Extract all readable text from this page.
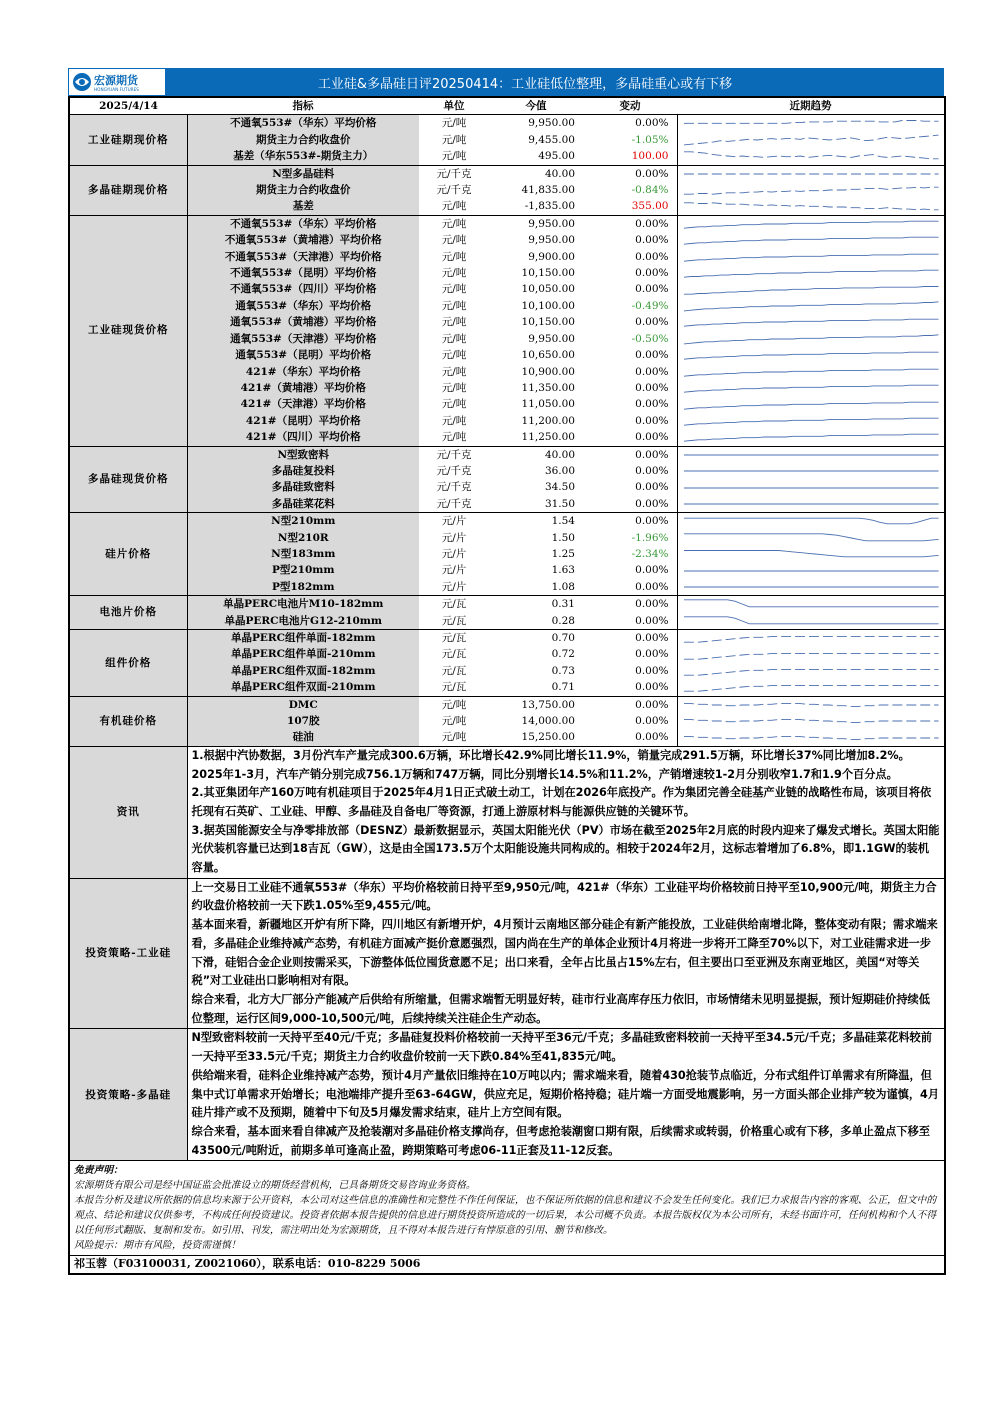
宏源期货
HONGYUAN FUTURES	工业硅&多晶硅日评20250414：工业硅低位整理，多晶硅重心或有下移
2025/4/14	指标	单位	今值	变动	近期趋势
工业硅期现价格	不通氧553#（华东）平均价格	元/吨	9,950.00	0.00%	

	期货主力合约收盘价	元/吨	9,455.00	-1.05%	

	基差（华东553#-期货主力）	元/吨	495.00	100.00	

多晶硅期现价格	N型多晶硅料	元/千克	40.00	0.00%	

	期货主力合约收盘价	元/千克	41,835.00	-0.84%	

	基差	元/吨	-1,835.00	355.00	

工业硅现货价格	不通氧553#（华东）平均价格	元/吨	9,950.00	0.00%	

	不通氧553#（黄埔港）平均价格	元/吨	9,950.00	0.00%	

	不通氧553#（天津港）平均价格	元/吨	9,900.00	0.00%	

	不通氧553#（昆明）平均价格	元/吨	10,150.00	0.00%	

	不通氧553#（四川）平均价格	元/吨	10,050.00	0.00%	

	通氧553#（华东）平均价格	元/吨	10,100.00	-0.49%	

	通氧553#（黄埔港）平均价格	元/吨	10,150.00	0.00%	

	通氧553#（天津港）平均价格	元/吨	9,950.00	-0.50%	

	通氧553#（昆明）平均价格	元/吨	10,650.00	0.00%	

	421#（华东）平均价格	元/吨	10,900.00	0.00%	

	421#（黄埔港）平均价格	元/吨	11,350.00	0.00%	

	421#（天津港）平均价格	元/吨	11,050.00	0.00%	

	421#（昆明）平均价格	元/吨	11,200.00	0.00%	

	421#（四川）平均价格	元/吨	11,250.00	0.00%	

多晶硅现货价格	N型致密料	元/千克	40.00	0.00%	

	多晶硅复投料	元/千克	36.00	0.00%	

	多晶硅致密料	元/千克	34.50	0.00%	

	多晶硅菜花料	元/千克	31.50	0.00%	

硅片价格	N型210mm	元/片	1.54	0.00%	

	N型210R	元/片	1.50	-1.96%	

	N型183mm	元/片	1.25	-2.34%	

	P型210mm	元/片	1.63	0.00%	

	P型182mm	元/片	1.08	0.00%	

电池片价格	单晶PERC电池片M10-182mm	元/瓦	0.31	0.00%	

	单晶PERC电池片G12-210mm	元/瓦	0.28	0.00%	

组件价格	单晶PERC组件单面-182mm	元/瓦	0.70	0.00%	

	单晶PERC组件单面-210mm	元/瓦	0.72	0.00%	

	单晶PERC组件双面-182mm	元/瓦	0.73	0.00%	

	单晶PERC组件双面-210mm	元/瓦	0.71	0.00%	

有机硅价格	DMC	元/吨	13,750.00	0.00%	

	107胶	元/吨	14,000.00	0.00%	

	硅油	元/吨	15,250.00	0.00%	

资讯	1.根据中汽协数据，3月份汽车产量完成300.6万辆，环比增长42.9%同比增长11.9%，销量完成291.5万辆，环比增长37%同比增加8.2%。2025年1-3月，汽车产销分别完成756.1万辆和747万辆，同比分别增长14.5%和11.2%，产销增速较1-2月分别收窄1.7和1.9个百分点。

2.其亚集团年产160万吨有机硅项目于2025年4月1日正式破土动工，计划在2026年底投产。作为集团完善全硅基产业链的战略性布局，该项目将依托现有石英矿、工业硅、甲醇、多晶硅及自备电厂等资源，打通上游原材料与能源供应链的关键环节。

3.据英国能源安全与净零排放部（DESNZ）最新数据显示，英国太阳能光伏（PV）市场在截至2025年2月底的时段内迎来了爆发式增长。英国太阳能光伏装机容量已达到18吉瓦（GW），这是由全国173.5万个太阳能设施共同构成的。相较于2024年2月，这标志着增加了6.8%，即1.1GW的装机容量。				

投资策略-工业硅	上一交易日工业硅不通氧553#（华东）平均价格较前日持平至9,950元/吨，421#（华东）工业硅平均价格较前日持平至10,900元/吨，期货主力合约收盘价格较前一天下跌1.05%至9,455元/吨。

基本面来看，新疆地区开炉有所下降，四川地区有新增开炉，4月预计云南地区部分硅企有新产能投放，工业硅供给南增北降，整体变动有限；需求端来看，多晶硅企业维持减产态势，有机硅方面减产挺价意愿强烈，国内尚在生产的单体企业预计4月将进一步将开工降至70%以下，对工业硅需求进一步下滑，硅铝合金企业则按需采买，下游整体低位囤货意愿不足；出口来看，全年占比虽占15%左右，但主要出口至亚洲及东南亚地区，美国“对等关税”对工业硅出口影响相对有限。

综合来看，北方大厂部分产能减产后供给有所缩量，但需求端暂无明显好转，硅市行业高库存压力依旧，市场情绪未见明显提振，预计短期硅价持续低位整理，运行区间9,000-10,500元/吨，后续持续关注硅企生产动态。				

投资策略-多晶硅	N型致密料较前一天持平至40元/千克；多晶硅复投料价格较前一天持平至36元/千克；多晶硅致密料较前一天持平至34.5元/千克；多晶硅菜花料较前一天持平至33.5元/千克；期货主力合约收盘价较前一天下跌0.84%至41,835元/吨。

供给端来看，硅料企业维持减产态势，预计4月产量依旧维持在10万吨以内；需求端来看，随着430抢装节点临近，分布式组件订单需求有所降温，但集中式订单需求开始增长；电池端排产提升至63-64GW，供应充足，短期价格持稳；硅片端一方面受地震影响，另一方面头部企业排产较为谨慎，4月硅片排产或不及预期，随着中下旬及5月爆发需求结束，硅片上方空间有限。

综合来看，基本面来看自律减产及抢装潮对多晶硅价格支撑尚存，但考虑抢装潮窗口期有限，后续需求或转弱，价格重心或有下移，多单止盈点下移至43500元/吨附近，前期多单可逢高止盈，跨期策略可考虑06-11正套及11-12反套。				

免责声明：

宏源期货有限公司是经中国证监会批准设立的期货经营机构，已具备期货交易咨询业务资格。

本报告分析及建议所依据的信息均来源于公开资料，本公司对这些信息的准确性和完整性不作任何保证，也不保证所依据的信息和建议不会发生任何变化。我们已力求报告内容的客观、公正，但文中的观点、结论和建议仅供参考，不构成任何投资建议。投资者依据本报告提供的信息进行期货投资所造成的一切后果，本公司概不负责。本报告版权仅为本公司所有，未经书面许可，任何机构和个人不得以任何形式翻版、复制和发布。如引用、刊发，需注明出处为宏源期货，且不得对本报告进行有悖原意的引用、删节和修改。

风险提示：期市有风险，投资需谨慎！					

祁玉蓉（F03100031, Z0021060），联系电话：010-8229 5006					
